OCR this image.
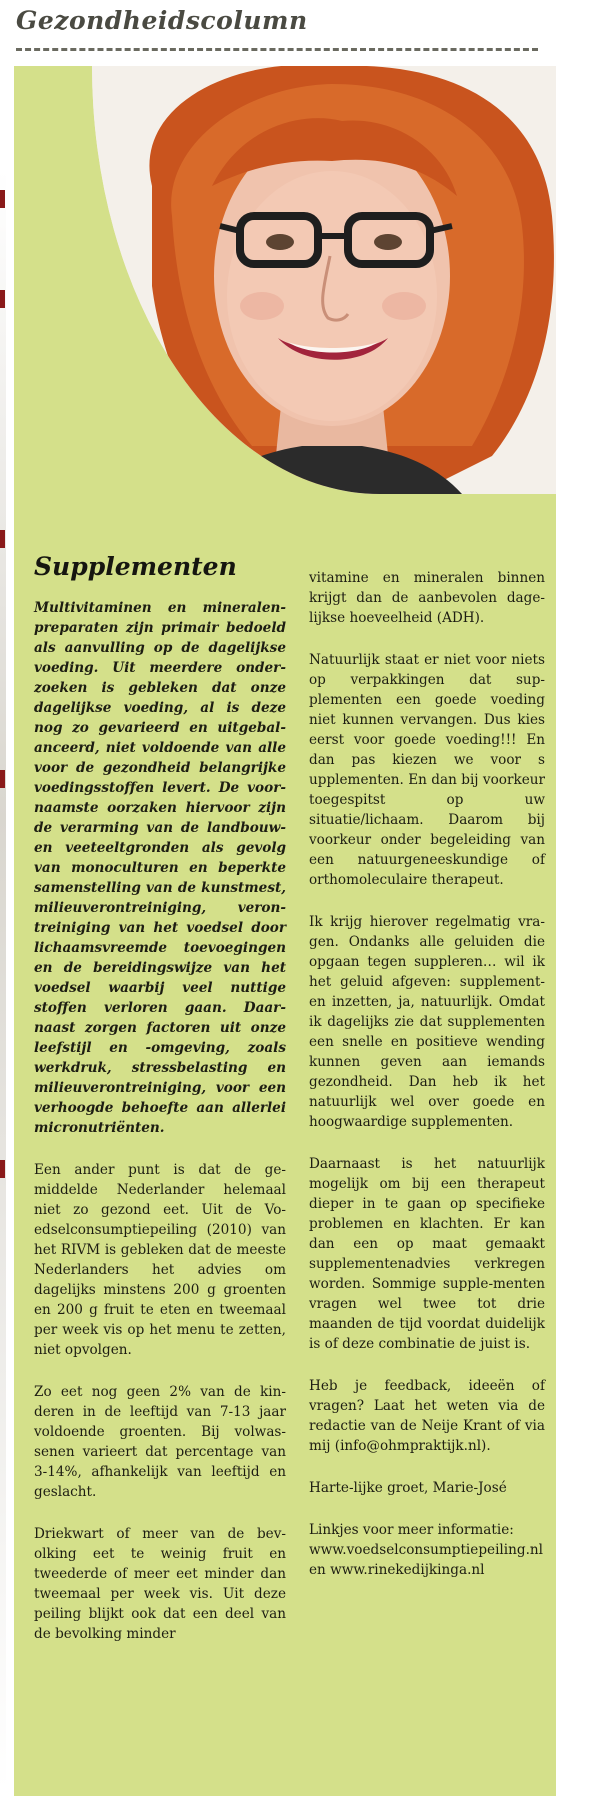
Gezondheidscolumn
Supplementen

Multivitaminen en mineralen-preparaten zijn primair bedoeld als aanvulling op de dagelijkse voeding. Uit meerdere onder-zoeken is gebleken dat onze dagelijkse voeding, al is deze nog zo gevarieerd en uitgebal-anceerd, niet voldoende van alle voor de gezondheid belangrijke voedingsstoffen levert. De voor-naamste oorzaken hiervoor zijn de verarming van de landbouw-en veeteeltgronden als gevolg van monoculturen en beperkte samenstelling van de kunstmest, milieuverontreiniging, veron-treiniging van het voedsel door lichaamsvreemde toevoegingen en de bereidingswijze van het voedsel waarbij veel nuttige stoffen verloren gaan. Daar-naast zorgen factoren uit onze leefstijl en -omgeving, zoals werkdruk, stressbelasting en milieuverontreiniging, voor een verhoogde behoefte aan allerlei micronutriënten.

Een ander punt is dat de ge-middelde Nederlander helemaal niet zo gezond eet. Uit de Vo-edselconsumptiepeiling (2010) van het RIVM is gebleken dat de meeste Nederlanders het advies om dagelijks minstens 200 g groenten en 200 g fruit te eten en tweemaal per week vis op het menu te zetten, niet opvolgen.

Zo eet nog geen 2% van de kin-deren in de leeftijd van 7-13 jaar voldoende groenten. Bij volwas-senen varieert dat percentage van 3-14%, afhankelijk van leeftijd en geslacht.

Driekwart of meer van de bev-olking eet te weinig fruit en tweederde of meer eet minder dan tweemaal per week vis. Uit deze peiling blijkt ook dat een deel van de bevolking minder

vitamine en mineralen binnen krijgt dan de aanbevolen dage-lijkse hoeveelheid (ADH).

Natuurlijk staat er niet voor niets op verpakkingen dat sup-plementen een goede voeding niet kunnen vervangen. Dus kies eerst voor goede voeding!!! En dan pas kiezen we voor s upplementen. En dan bij voorkeur toegespitst op uw situatie/lichaam. Daarom bij voorkeur onder begeleiding van een natuurgeneeskundige of orthomoleculaire therapeut.

Ik krijg hierover regelmatig vra-gen. Ondanks alle geluiden die opgaan tegen suppleren… wil ik het geluid afgeven: supplement-en inzetten, ja, natuurlijk. Omdat ik dagelijks zie dat supplementen een snelle en positieve wending kunnen geven aan iemands gezondheid. Dan heb ik het natuurlijk wel over goede en hoogwaardige supplementen.

Daarnaast is het natuurlijk mogelijk om bij een therapeut dieper in te gaan op specifieke problemen en klachten. Er kan dan een op maat gemaakt supplementenadvies verkregen worden. Sommige supple-menten vragen wel twee tot drie maanden de tijd voordat duidelijk is of deze combinatie de juist is.

Heb je feedback, ideeën of vragen? Laat het weten via de redactie van de Neije Krant of via mij (info@ohmpraktijk.nl).

Harte-lijke groet, Marie-José

Linkjes voor meer informatie:
www.voedselconsumptiepeiling.nl
en www.rinekedijkinga.nl
